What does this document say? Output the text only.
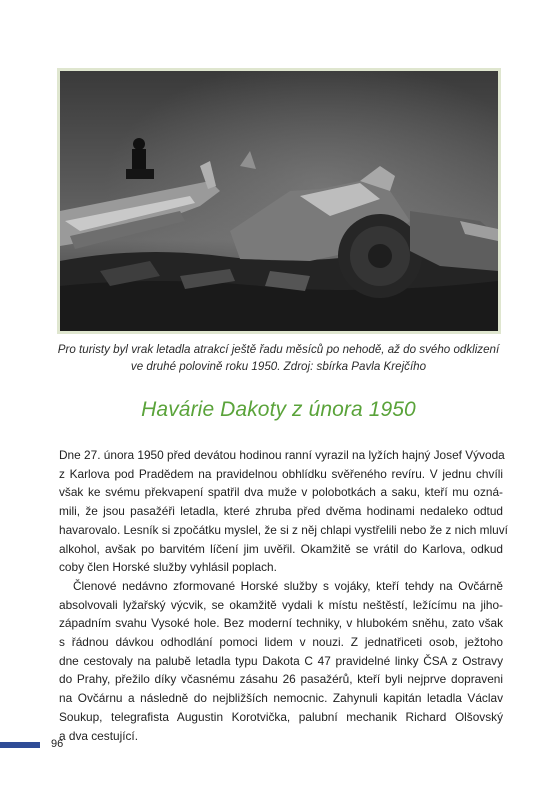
Pro turisty byl vrak letadla atrakcí ještě řadu měsíců po nehodě, až do svého odklizení
ve druhé polovině roku 1950. Zdroj: sbírka Pavla Krejčího
Havárie Dakoty z února 1950
Dne 27. února 1950 před devátou hodinou ranní vyrazil na lyžích hajný Josef Vývoda
z Karlova pod Pradědem na pravidelnou obhlídku svěřeného revíru. V jednu chvíli
však ke svému překvapení spatřil dva muže v polobotkách a saku, kteří mu ozná-
mili, že jsou pasažéři letadla, které zhruba před dvěma hodinami nedaleko odtud
havarovalo. Lesník si zpočátku myslel, že si z něj chlapi vystřelili nebo že z nich mluví
alkohol, avšak po barvitém líčení jim uvěřil. Okamžitě se vrátil do Karlova, odkud
coby člen Horské služby vyhlásil poplach.
Členové nedávno zformované Horské služby s vojáky, kteří tehdy na Ovčárně
absolvovali lyžařský výcvik, se okamžitě vydali k místu neštěstí, ležícímu na jiho-
západním svahu Vysoké hole. Bez moderní techniky, v hlubokém sněhu, zato však
s řádnou dávkou odhodlání pomoci lidem v nouzi. Z jednatřiceti osob, ježtoho
dne cestovaly na palubě letadla typu Dakota C 47 pravidelné linky ČSA z Ostravy
do Prahy, přežilo díky včasnému zásahu 26 pasažérů, kteří byli nejprve dopraveni
na Ovčárnu a následně do nejbližších nemocnic. Zahynuli kapitán letadla Václav
Soukup, telegrafista Augustin Korotvička, palubní mechanik Richard Olšovský
a dva cestující.
96
